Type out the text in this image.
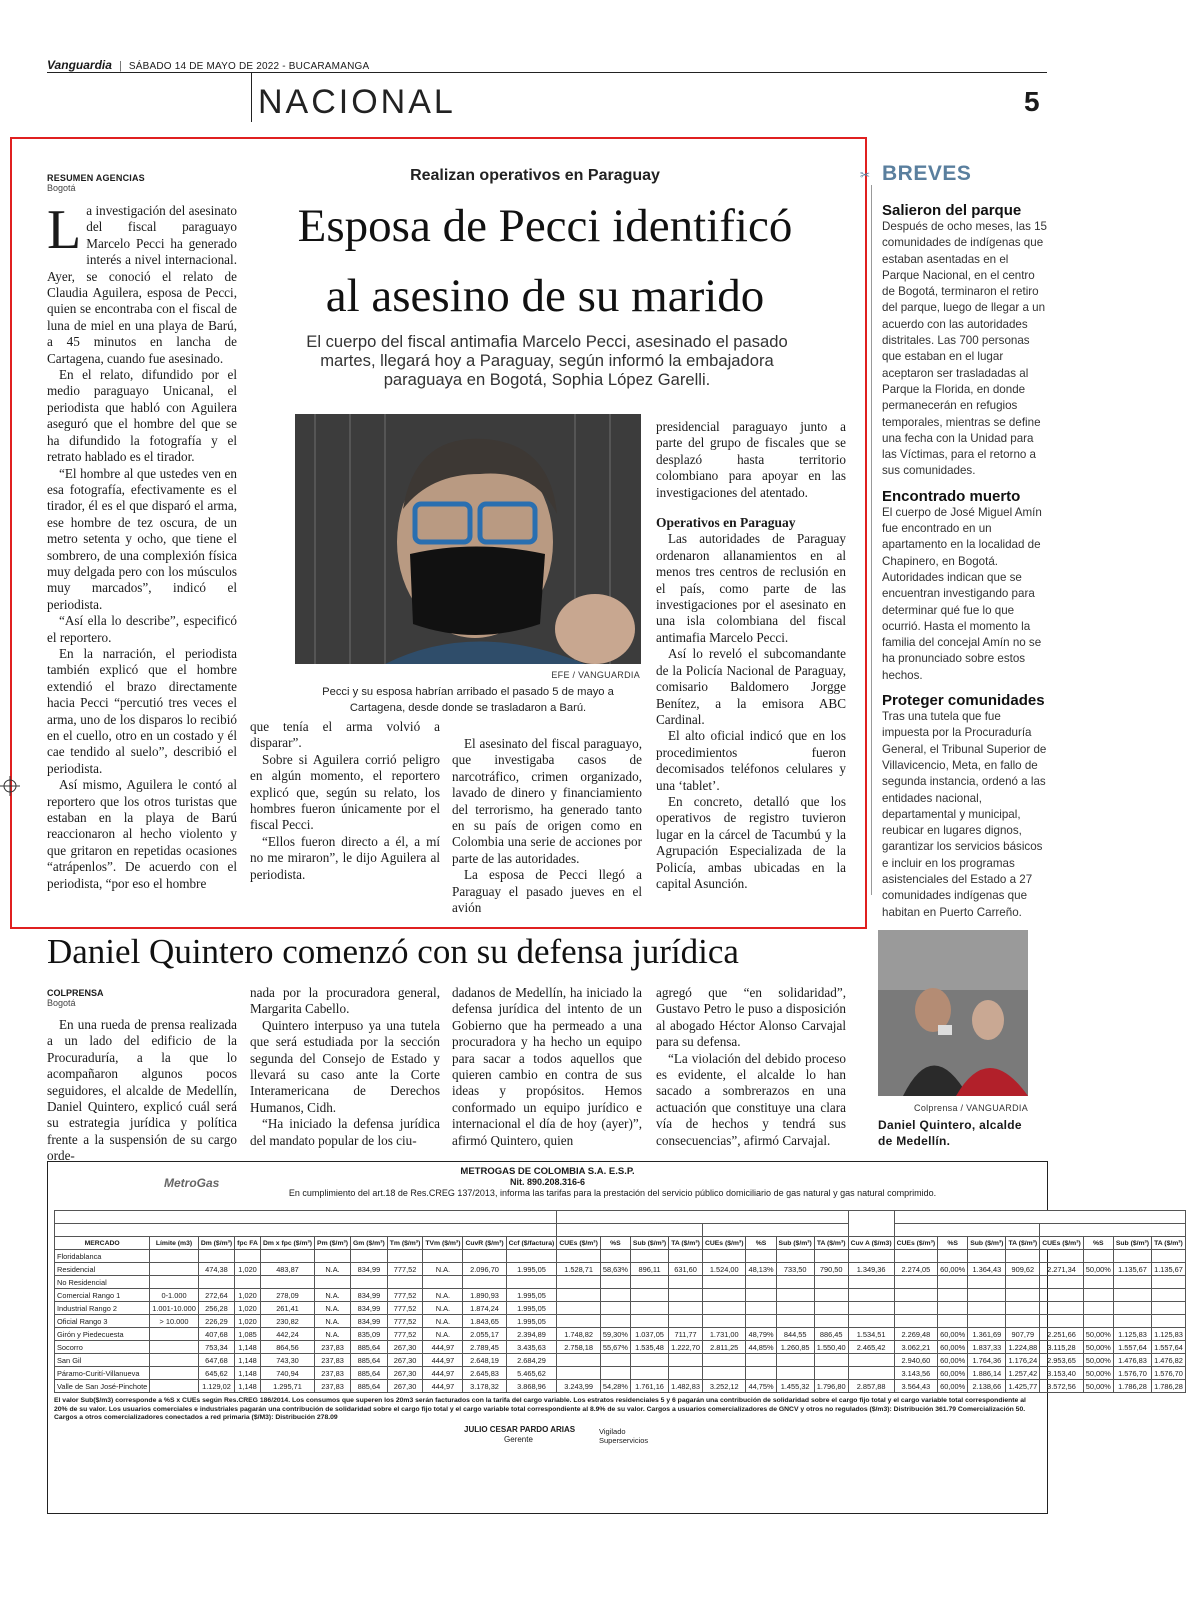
Vanguardia | SÁBADO 14 DE MAYO DE 2022 - BUCARAMANGA
NACIONAL	5
RESUMEN AGENCIAS
Bogotá
Realizan operativos en Paraguay
Esposa de Pecci identificó
al asesino de su marido
El cuerpo del fiscal antimafia Marcelo Pecci, asesinado el pasado martes, llegará hoy a Paraguay, según informó la embajadora paraguaya en Bogotá, Sophia López Garelli.

La investigación del asesinato del fiscal paraguayo Marcelo Pecci ha generado interés a nivel internacional. Ayer, se conoció el relato de Claudia Aguilera, esposa de Pecci, quien se encontraba con el fiscal de luna de miel en una playa de Barú, a 45 minutos en lancha de Cartagena, cuando fue asesinado.

En el relato, difundido por el medio paraguayo Unicanal, el periodista que habló con Aguilera aseguró que el hombre del que se ha difundido la fotografía y el retrato hablado es el tirador.

“El hombre al que ustedes ven en esa fotografía, efectivamente es el tirador, él es el que disparó el arma, ese hombre de tez oscura, de un metro setenta y ocho, que tiene el sombrero, de una complexión física muy delgada pero con los músculos muy marcados”, indicó el periodista.

“Así ella lo describe”, especificó el reportero.

En la narración, el periodista también explicó que el hombre extendió el brazo directamente hacia Pecci “percutió tres veces el arma, uno de los disparos lo recibió en el cuello, otro en un costado y él cae tendido al suelo”, describió el periodista.

Así mismo, Aguilera le contó al reportero que los otros turistas que estaban en la playa de Barú reaccionaron al hecho violento y que gritaron en repetidas ocasiones “atrápenlos”. De acuerdo con el periodista, “por eso el hombre

EFE / VANGUARDIA
Pecci y su esposa habrían arribado el pasado 5 de mayo a Cartagena, desde donde se trasladaron a Barú.

que tenía el arma volvió a disparar”.

Sobre si Aguilera corrió peligro en algún momento, el reportero explicó que, según su relato, los hombres fueron únicamente por el fiscal Pecci.

“Ellos fueron directo a él, a mí no me miraron”, le dijo Aguilera al periodista.

El asesinato del fiscal paraguayo, que investigaba casos de narcotráfico, crimen organizado, lavado de dinero y financiamiento del terrorismo, ha generado tanto en su país de origen como en Colombia una serie de acciones por parte de las autoridades.

La esposa de Pecci llegó a Paraguay el pasado jueves en el avión

presidencial paraguayo junto a parte del grupo de fiscales que se desplazó hasta territorio colombiano para apoyar en las investigaciones del atentado.

Operativos en Paraguay

Las autoridades de Paraguay ordenaron allanamientos en al menos tres centros de reclusión en el país, como parte de las investigaciones por el asesinato en una isla colombiana del fiscal antimafia Marcelo Pecci.

Así lo reveló el subcomandante de la Policía Nacional de Paraguay, comisario Baldomero Jorgge Benítez, a la emisora ABC Cardinal.

El alto oficial indicó que en los procedimientos fueron decomisados teléfonos celulares y una ‘tablet’.

En concreto, detalló que los operativos de registro tuvieron lugar en la cárcel de Tacumbú y la Agrupación Especializada de la Policía, ambas ubicadas en la capital Asunción.

✂ BREVES
Salieron del parque
Después de ocho meses, las 15 comunidades de indígenas que estaban asentadas en el Parque Nacional, en el centro de Bogotá, terminaron el retiro del parque, luego de llegar a un acuerdo con las autoridades distritales. Las 700 personas que estaban en el lugar aceptaron ser trasladadas al Parque la Florida, en donde permanecerán en refugios temporales, mientras se define una fecha con la Unidad para las Víctimas, para el retorno a sus comunidades.
Encontrado muerto
El cuerpo de José Miguel Amín fue encontrado en un apartamento en la localidad de Chapinero, en Bogotá. Autoridades indican que se encuentran investigando para determinar qué fue lo que ocurrió. Hasta el momento la familia del concejal Amín no se ha pronunciado sobre estos hechos.
Proteger comunidades
Tras una tutela que fue impuesta por la Procuraduría General, el Tribunal Superior de Villavicencio, Meta, en fallo de segunda instancia, ordenó a las entidades nacional, departamental y municipal, reubicar en lugares dignos, garantizar los servicios básicos e incluir en los programas asistenciales del Estado a 27 comunidades indígenas que habitan en Puerto Carreño.
Daniel Quintero comenzó con su defensa jurídica
COLPRENSA
Bogotá

En una rueda de prensa realizada a un lado del edificio de la Procuraduría, a la que lo acompañaron algunos pocos seguidores, el alcalde de Medellín, Daniel Quintero, explicó cuál será su estrategia jurídica y política frente a la suspensión de su cargo orde-

nada por la procuradora general, Margarita Cabello.

Quintero interpuso ya una tutela que será estudiada por la sección segunda del Consejo de Estado y llevará su caso ante la Corte Interamericana de Derechos Humanos, Cidh.

“Ha iniciado la defensa jurídica del mandato popular de los ciu-

dadanos de Medellín, ha iniciado la defensa jurídica del intento de un Gobierno que ha permeado a una procuradora y ha hecho un equipo para sacar a todos aquellos que quieren cambio en contra de sus ideas y propósitos. Hemos conformado un equipo jurídico e internacional el día de hoy (ayer)”, afirmó Quintero, quien

agregó que “en solidaridad”, Gustavo Petro le puso a disposición al abogado Héctor Alonso Carvajal para su defensa.

“La violación del debido proceso es evidente, el alcalde lo han sacado a sombrerazos en una actuación que constituye una clara vía de hechos y tendrá sus consecuencias”, afirmó Carvajal.

Colprensa / VANGUARDIA
Daniel Quintero, alcalde de Medellín.
MetroGas
METROGAS DE COLOMBIA S.A. E.S.P.
Nit. 890.208.316-6
En cumplimiento del art.18 de Res.CREG 137/2013, informa las tarifas para la prestación del servicio público domiciliario de gas natural y gas natural comprimido.
COMPONENTES TARIFARIOS DEL SERVICIO DE GAS NATURAL PARA EL MES DE MAYO DE 2022:											RESOLUCIÓN CREG 048 2008									RESOLUCIÓN CREG 137 2013							
											ESTRATO 1				ESTRATO 2					ESTRATO 1				ESTRATO 2			
MERCADO	Límite (m3)	Dm ($/m³)	fpc FA	Dm x fpc ($/m³)	Pm ($/m³)	Gm ($/m³)	Tm ($/m³)	TVm ($/m³)	CuvR ($/m³)	Ccf ($/factura)	CUEs ($/m³)	%S	Sub ($/m³)	TA ($/m³)	CUEs ($/m³)	%S	Sub ($/m³)	TA ($/m³)	Cuv A ($/m3)	CUEs ($/m³)	%S	Sub ($/m³)	TA ($/m³)	CUEs ($/m³)	%S	Sub ($/m³)	TA ($/m³)
Floridablanca																											
Residencial		474,38	1,020	483,87	N.A.	834,99	777,52	N.A.	2.096,70	1.995,05	1.528,71	58,63%	896,11	631,60	1.524,00	48,13%	733,50	790,50	1.349,36	2.274,05	60,00%	1.364,43	909,62	2.271,34	50,00%	1.135,67	1.135,67
No Residencial																											
Comercial Rango 1	0-1.000	272,64	1,020	278,09	N.A.	834,99	777,52	N.A.	1.890,93	1.995,05																	
Industrial Rango 2	1.001-10.000	256,28	1,020	261,41	N.A.	834,99	777,52	N.A.	1.874,24	1.995,05																	
Oficial Rango 3	> 10.000	226,29	1,020	230,82	N.A.	834,99	777,52	N.A.	1.843,65	1.995,05																	
Girón y Piedecuesta		407,68	1,085	442,24	N.A.	835,09	777,52	N.A.	2.055,17	2.394,89	1.748,82	59,30%	1.037,05	711,77	1.731,00	48,79%	844,55	886,45	1.534,51	2.269,48	60,00%	1.361,69	907,79	2.251,66	50,00%	1.125,83	1.125,83
Socorro		753,34	1,148	864,56	237,83	885,64	267,30	444,97	2.789,45	3.435,63	2.758,18	55,67%	1.535,48	1.222,70	2.811,25	44,85%	1.260,85	1.550,40	2.465,42	3.062,21	60,00%	1.837,33	1.224,88	3.115,28	50,00%	1.557,64	1.557,64
San Gil		647,68	1,148	743,30	237,83	885,64	267,30	444,97	2.648,19	2.684,29										2.940,60	60,00%	1.764,36	1.176,24	2.953,65	50,00%	1.476,83	1.476,82
Páramo-Curití-Villanueva		645,62	1,148	740,94	237,83	885,64	267,30	444,97	2.645,83	5.465,62										3.143,56	60,00%	1.886,14	1.257,42	3.153,40	50,00%	1.576,70	1.576,70
Valle de San José-Pinchote		1.129,02	1,148	1.295,71	237,83	885,64	267,30	444,97	3.178,32	3.868,96	3.243,99	54,28%	1.761,16	1.482,83	3.252,12	44,75%	1.455,32	1.796,80	2.857,88	3.564,43	60,00%	2.138,66	1.425,77	3.572,56	50,00%	1.786,28	1.786,28
El valor Sub($/m3) corresponde a %S x CUEs según Res.CREG 186/2014. Los consumos que superen los 20m3 serán facturados con la tarifa del cargo variable. Los estratos residenciales 5 y 6 pagarán una contribución de solidaridad sobre el cargo fijo total y el cargo variable total correspondiente al 20% de su valor. Los usuarios comerciales e industriales pagarán una contribución de solidaridad sobre el cargo fijo total y el cargo variable total correspondiente al 8.9% de su valor. Cargos a usuarios comercializadores de GNCV y otros no regulados ($/m3): Distribución 361.79 Comercialización 50. Cargos a otros comercializadores conectados a red primaria ($/M3): Distribución 278.09
JULIO CESAR PARDO ARIAS
Gerente
Vigilado Superservicios
